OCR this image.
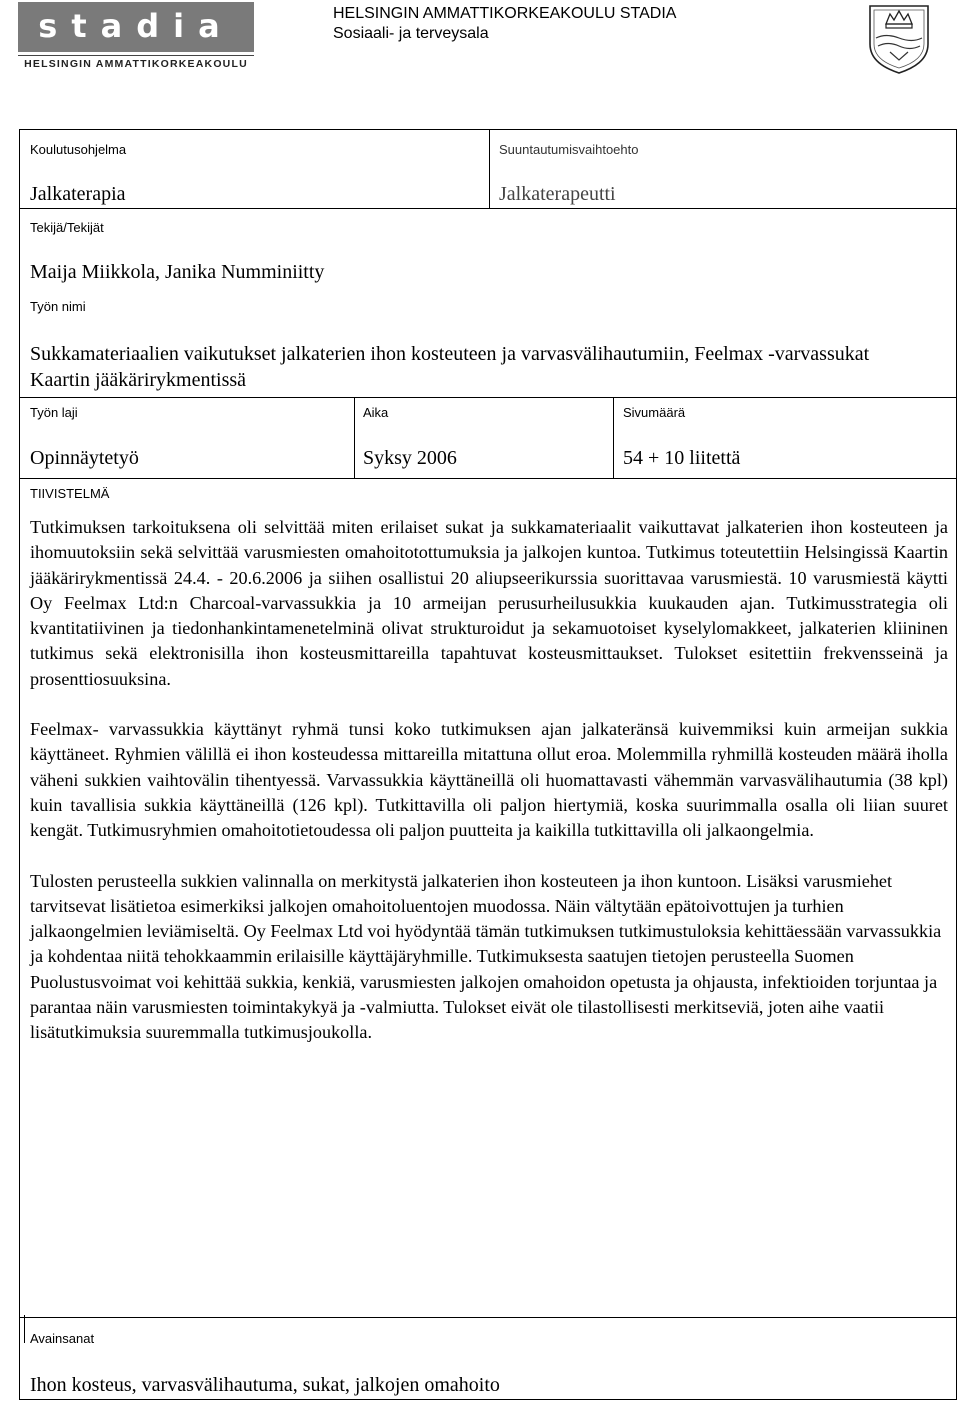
stadia
HELSINGIN AMMATTIKORKEAKOULU
HELSINGIN AMMATTIKORKEAKOULU STADIA
Sosiaali- ja terveysala
Koulutusohjelma
Jalkaterapia
Suuntautumisvaihtoehto
Jalkaterapeutti
Tekijä/Tekijät
Maija Miikkola, Janika Numminiitty
Työn nimi
Sukkamateriaalien vaikutukset jalkaterien ihon kosteuteen ja varvasvälihautumiin, Feelmax -varvassukat Kaartin jääkärirykmentissä
Työn laji
Opinnäytetyö
Aika
Syksy 2006
Sivumäärä
54 + 10 liitettä
TIIVISTELMÄ

Tutkimuksen tarkoituksena oli selvittää miten erilaiset sukat ja sukkamateriaalit vaikuttavat jalkaterien ihon kosteuteen ja ihomuutoksiin sekä selvittää varusmiesten omahoitotottumuksia ja jalkojen kuntoa. Tutkimus toteutettiin Helsingissä Kaartin jääkärirykmentissä 24.4. - 20.6.2006 ja siihen osallistui 20 aliupseerikurssia suorittavaa varusmiestä. 10 varusmiestä käytti Oy Feelmax Ltd:n Charcoal-varvassukkia ja 10 armeijan perusurheilusukkia kuukauden ajan. Tutkimusstrategia oli kvantitatiivinen ja tiedonhankintamenetelminä olivat strukturoidut ja sekamuotoiset kyselylomakkeet, jalkaterien kliininen tutkimus sekä elektronisilla ihon kosteusmittareilla tapahtuvat kosteusmittaukset. Tulokset esitettiin frekvensseinä ja prosenttiosuuksina.

Feelmax- varvassukkia käyttänyt ryhmä tunsi koko tutkimuksen ajan jalkateränsä kuivemmiksi kuin armeijan sukkia käyttäneet. Ryhmien välillä ei ihon kosteudessa mittareilla mitattuna ollut eroa. Molemmilla ryhmillä kosteuden määrä iholla väheni sukkien vaihtovälin tihentyessä. Varvassukkia käyttäneillä oli huomattavasti vähemmän varvasvälihautumia (38 kpl) kuin tavallisia sukkia käyttäneillä (126 kpl). Tutkittavilla oli paljon hiertymiä, koska suurimmalla osalla oli liian suuret kengät. Tutkimusryhmien omahoitotietoudessa oli paljon puutteita ja kaikilla tutkittavilla oli jalkaongelmia.

Tulosten perusteella sukkien valinnalla on merkitystä jalkaterien ihon kosteuteen ja ihon kuntoon. Lisäksi varusmiehet tarvitsevat lisätietoa esimerkiksi jalkojen omahoitoluentojen muodossa. Näin vältytään epätoivottujen ja turhien jalkaongelmien leviämiseltä. Oy Feelmax Ltd voi hyödyntää tämän tutkimuksen tutkimustuloksia kehittäessään varvassukkia ja kohdentaa niitä tehokkaammin erilaisille käyttäjäryhmille. Tutkimuksesta saatujen tietojen perusteella Suomen Puolustusvoimat voi kehittää sukkia, kenkiä, varusmiesten jalkojen omahoidon opetusta ja ohjausta, infektioiden torjuntaa ja parantaa näin varusmiesten toimintakykyä ja -valmiutta. Tulokset eivät ole tilastollisesti merkitseviä, joten aihe vaatii lisätutkimuksia suuremmalla tutkimusjoukolla.

Avainsanat
Ihon kosteus, varvasvälihautuma, sukat, jalkojen omahoito
